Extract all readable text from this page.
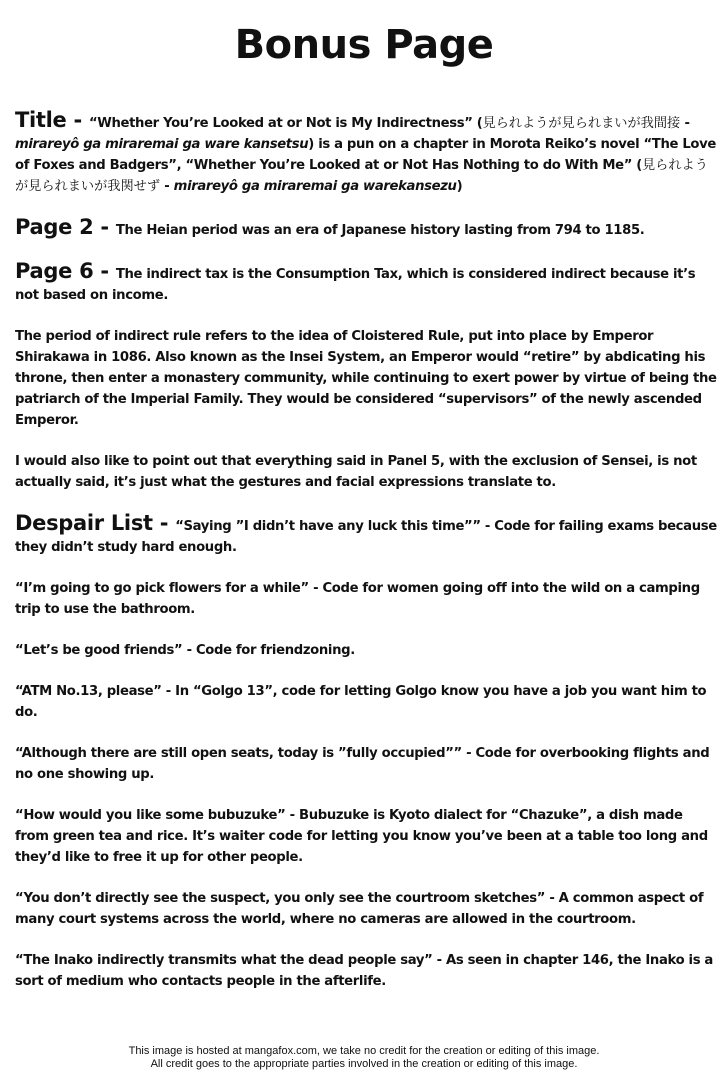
Bonus Page

Title - “Whether You’re Looked at or Not is My Indirectness” (見られようが見られまいが我間接 - mirareyô ga miraremai ga ware kansetsu) is a pun on a chapter in Morota Reiko’s novel “The Love of Foxes and Badgers”, “Whether You’re Looked at or Not Has Nothing to do With Me” (見られようが見られまいが我関せず - mirareyô ga miraremai ga warekansezu)

Page 2 - The Heian period was an era of Japanese history lasting from 794 to 1185.

Page 6 - The indirect tax is the Consumption Tax, which is considered indirect because it’s not based on income.

The period of indirect rule refers to the idea of Cloistered Rule, put into place by Emperor Shirakawa in 1086. Also known as the Insei System, an Emperor would “retire” by abdicating his throne, then enter a monastery community, while continuing to exert power by virtue of being the patriarch of the Imperial Family. They would be considered “supervisors” of the newly ascended Emperor.

I would also like to point out that everything said in Panel 5, with the exclusion of Sensei, is not actually said, it’s just what the gestures and facial expressions translate to.

Despair List - “Saying ”I didn’t have any luck this time”” - Code for failing exams because they didn’t study hard enough.

“I’m going to go pick flowers for a while” - Code for women going off into the wild on a camping trip to use the bathroom.

“Let’s be good friends” - Code for friendzoning.

“ATM No.13, please” - In “Golgo 13”, code for letting Golgo know you have a job you want him to do.

“Although there are still open seats, today is ”fully occupied”” - Code for overbooking flights and no one showing up.

“How would you like some bubuzuke” - Bubuzuke is Kyoto dialect for “Chazuke”, a dish made from green tea and rice. It’s waiter code for letting you know you’ve been at a table too long and they’d like to free it up for other people.

“You don’t directly see the suspect, you only see the courtroom sketches” - A common aspect of many court systems across the world, where no cameras are allowed in the courtroom.

“The Inako indirectly transmits what the dead people say” - As seen in chapter 146, the Inako is a sort of medium who contacts people in the afterlife.

This image is hosted at mangafox.com, we take no credit for the creation or editing of this image.
All credit goes to the appropriate parties involved in the creation or editing of this image.
